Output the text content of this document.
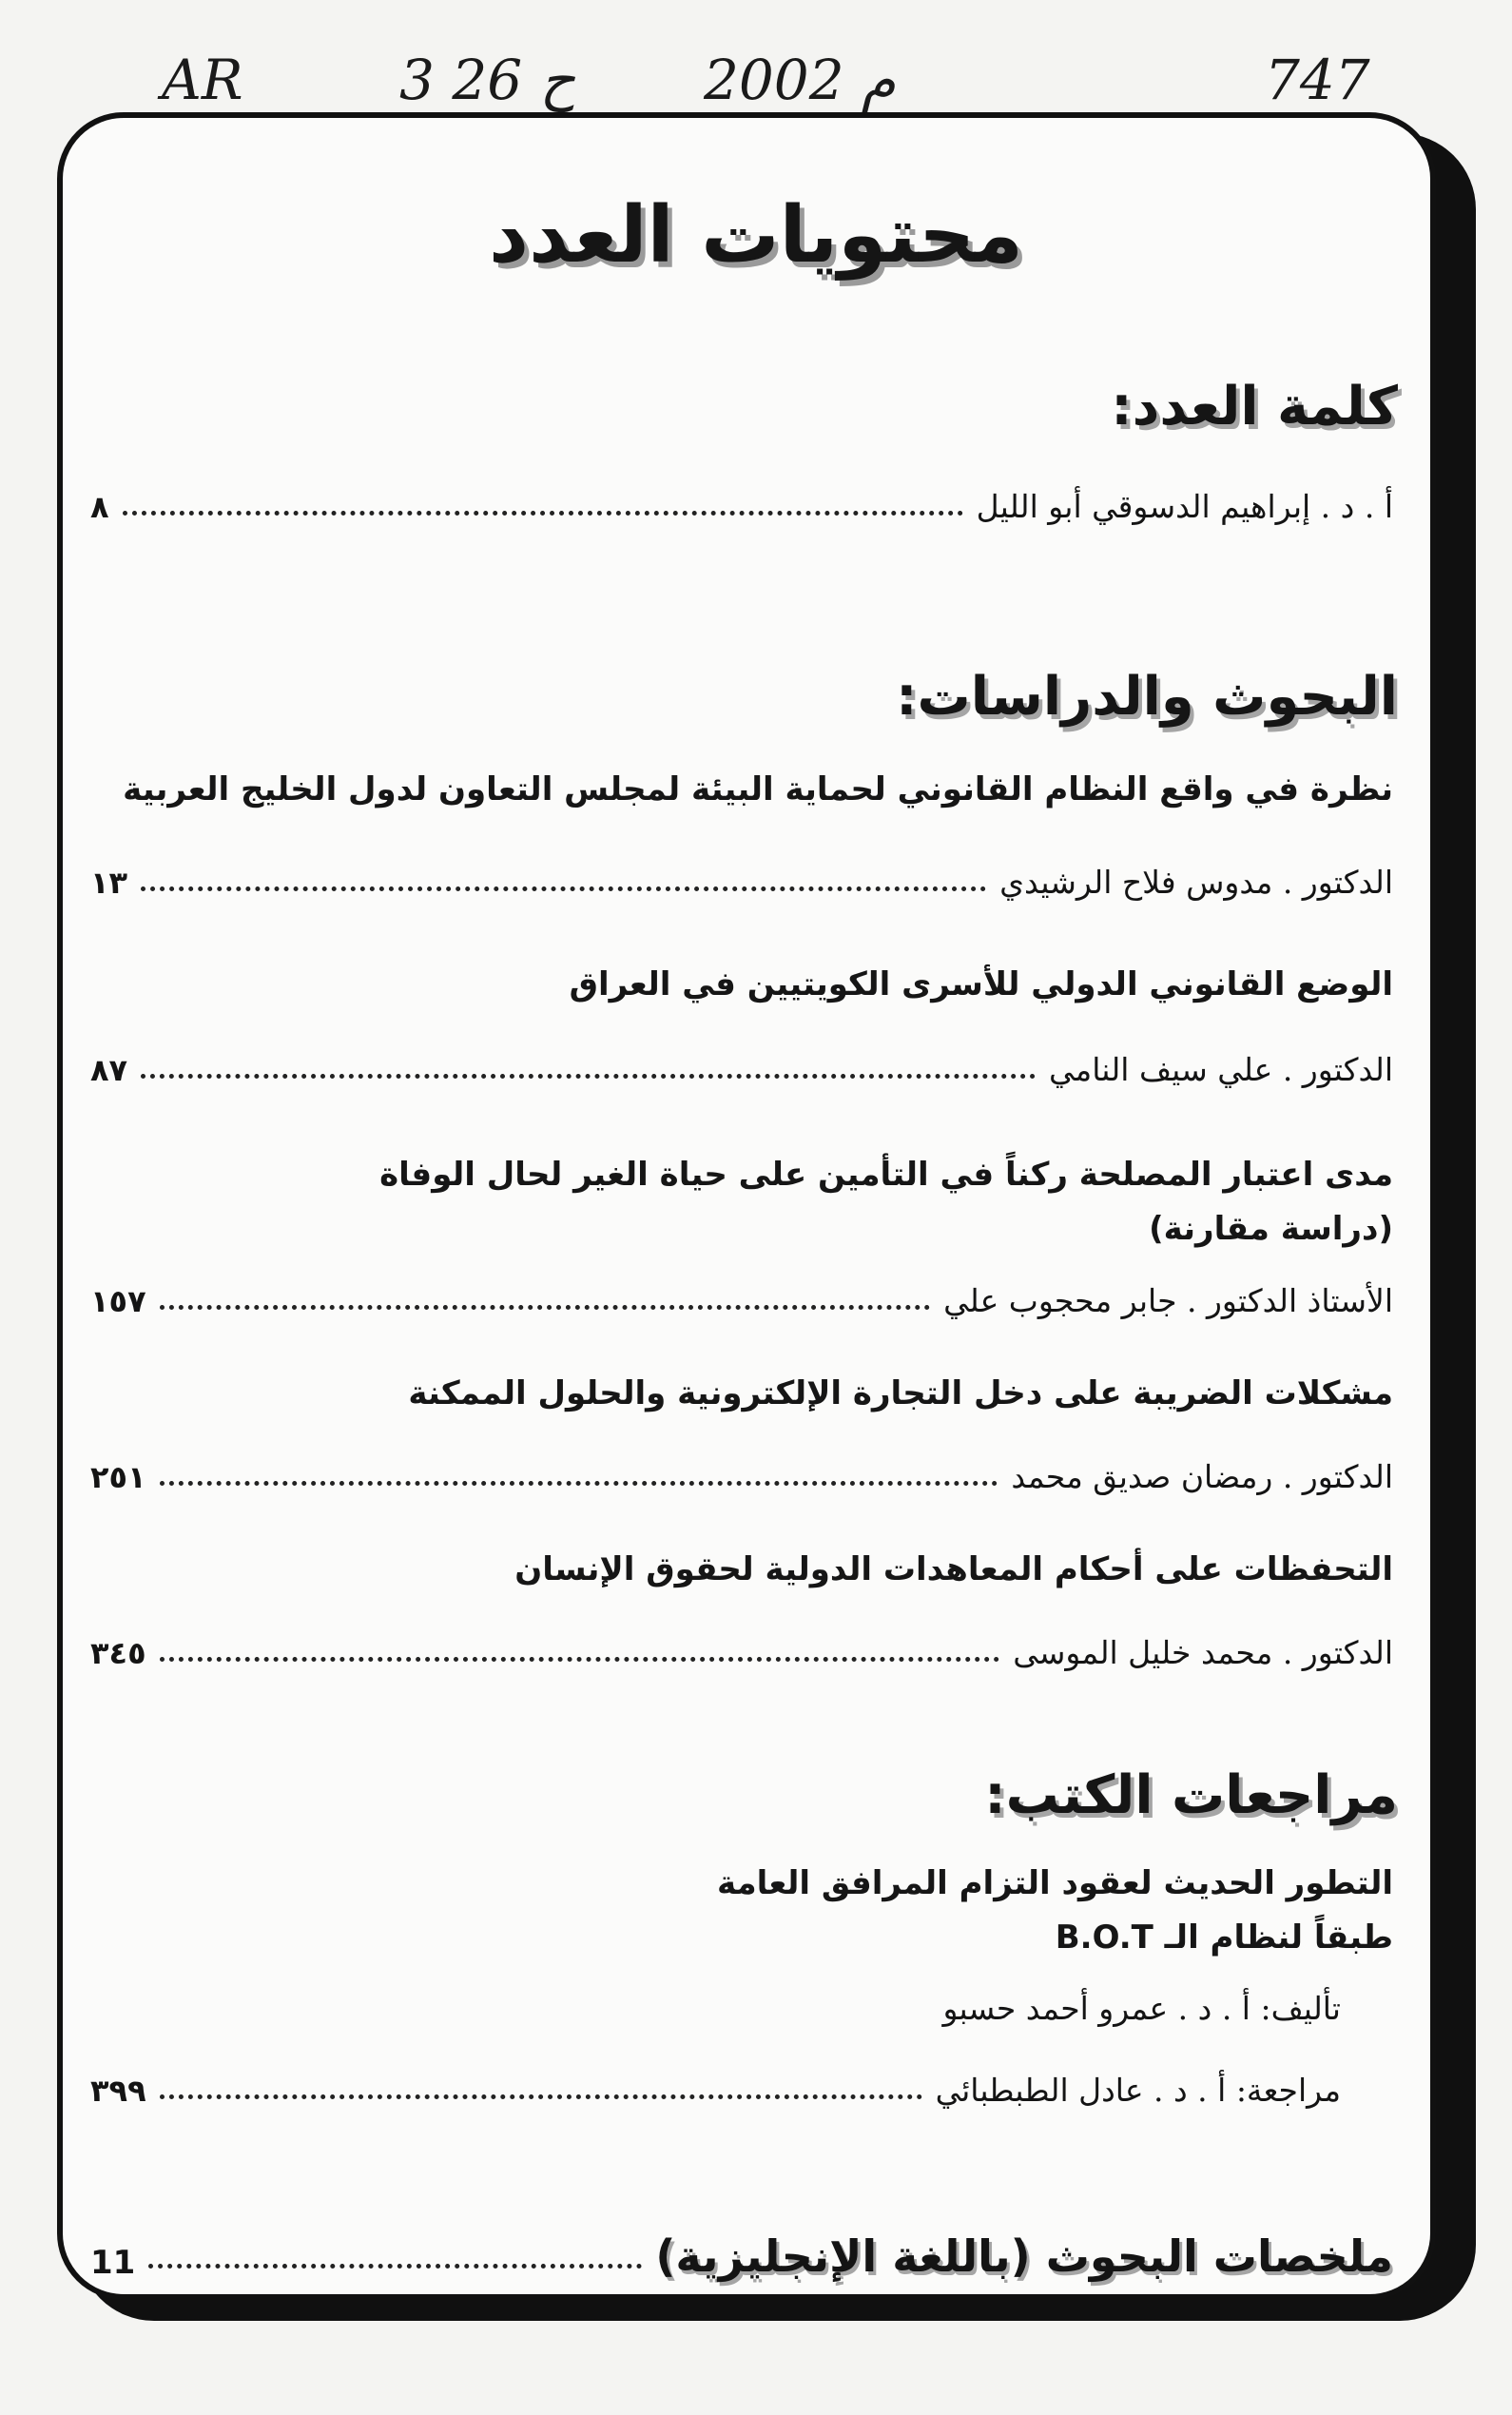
AR	3 ح 26 م 2002	747
محتويات العدد
كلمة العدد:
أ . د . إبراهيم الدسوقي أبو الليل
٨
البحوث والدراسات:
نظرة في واقع النظام القانوني لحماية البيئة لمجلس التعاون لدول الخليج العربية
الدكتور . مدوس فلاح الرشيدي
١٣
الوضع القانوني الدولي للأسرى الكويتيين في العراق
الدكتور . علي سيف النامي
٨٧
مدى اعتبار المصلحة ركناً في التأمين على حياة الغير لحال الوفاة
(دراسة مقارنة)
الأستاذ الدكتور . جابر محجوب علي
١٥٧
مشكلات الضريبة على دخل التجارة الإلكترونية والحلول الممكنة
الدكتور . رمضان صديق محمد
٢٥١
التحفظات على أحكام المعاهدات الدولية لحقوق الإنسان
الدكتور . محمد خليل الموسى
٣٤٥
مراجعات الكتب:
التطور الحديث لعقود التزام المرافق العامة
طبقاً لنظام الـ B.O.T
تأليف: أ . د . عمرو أحمد حسبو
مراجعة: أ . د . عادل الطبطبائي
٣٩٩
ملخصات البحوث (باللغة الإنجليزية)
11
